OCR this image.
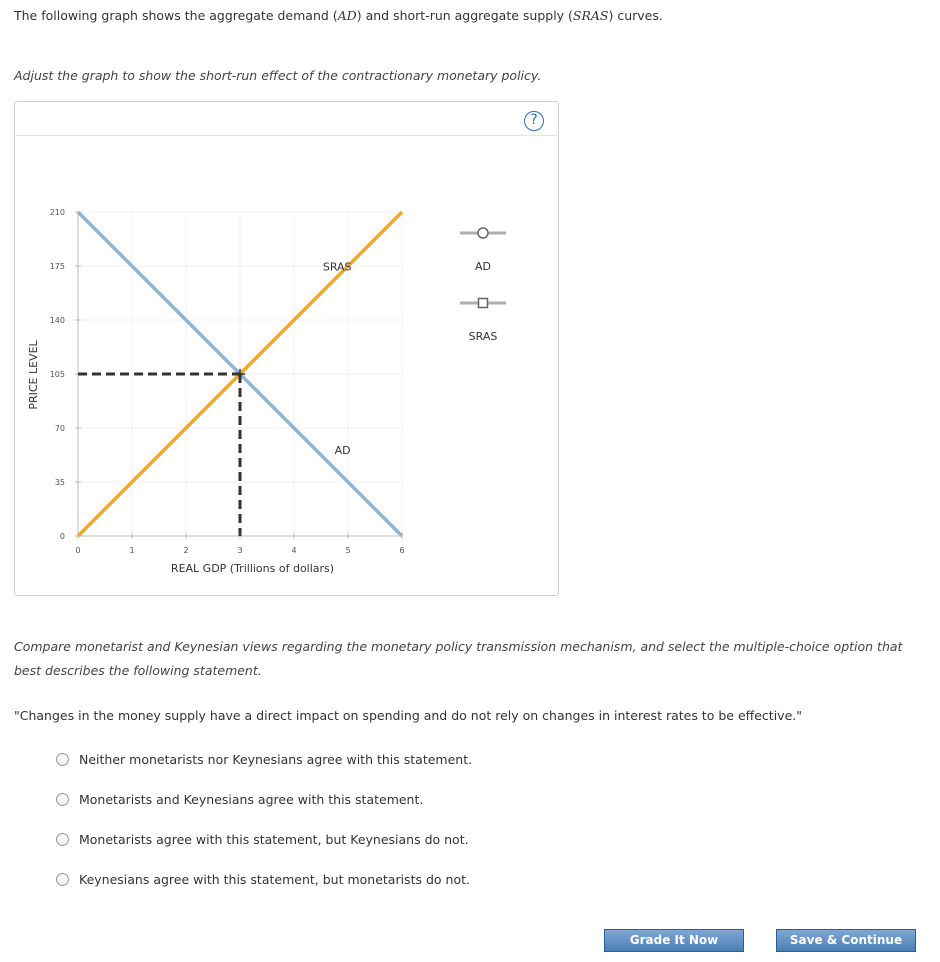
The following graph shows the aggregate demand (AD) and short-run aggregate supply (SRAS) curves.
Adjust the graph to show the short-run effect of the contractionary monetary policy.
?
0	1	2	3	4	5	6
0
35
70
105
140
175
210
REAL GDP (Trillions of dollars)
PRICE LEVEL
AD
SRAS	AD
SRAS
Compare monetarist and Keynesian views regarding the monetary policy transmission mechanism, and select the multiple-choice option that best describes the following statement.
"Changes in the money supply have a direct impact on spending and do not rely on changes in interest rates to be effective."
Neither monetarists nor Keynesians agree with this statement.
Monetarists and Keynesians agree with this statement.
Monetarists agree with this statement, but Keynesians do not.
Keynesians agree with this statement, but monetarists do not.
Grade It Now	Save & Continue
